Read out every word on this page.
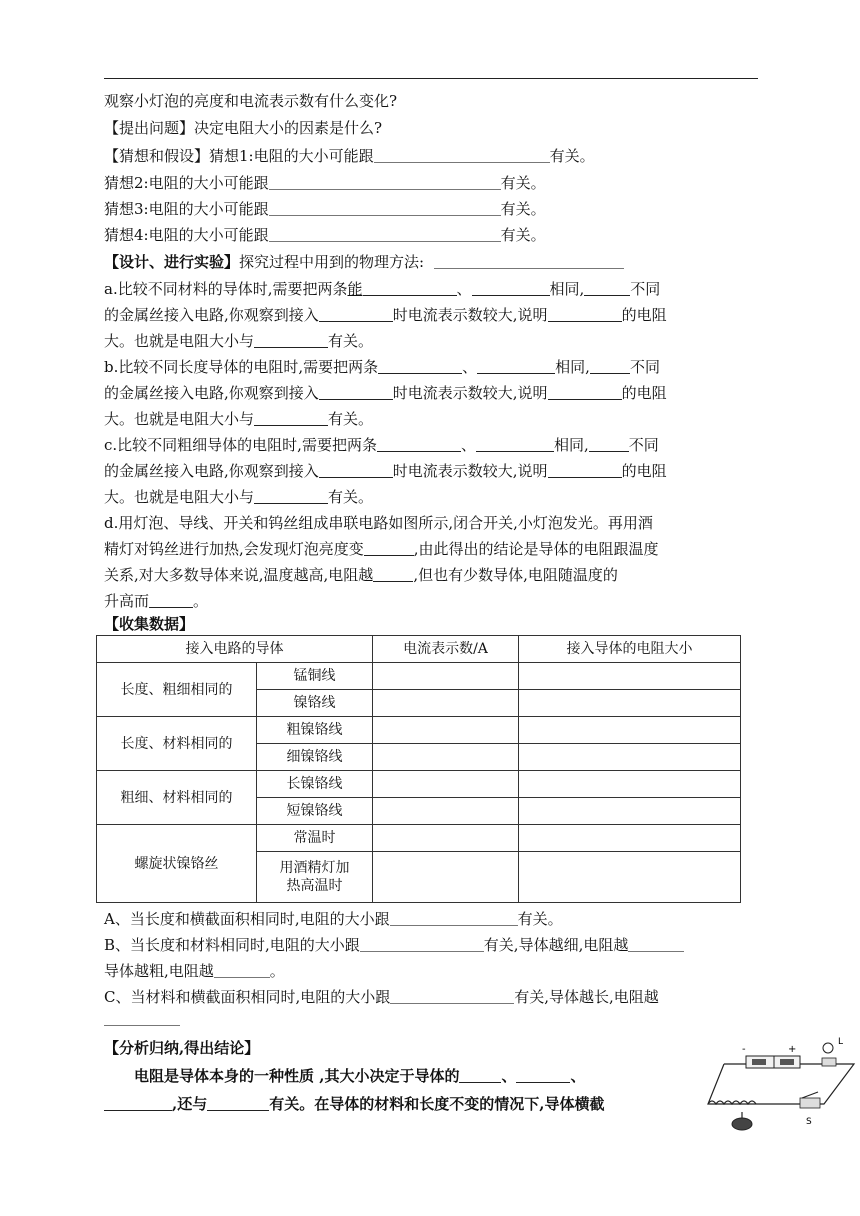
观察小灯泡的亮度和电流表示数有什么变化?
【提出问题】决定电阻大小的因素是什么?
【猜想和假设】猜想1:电阻的大小可能跟	有关。
猜想2:电阻的大小可能跟	有关。
猜想3:电阻的大小可能跟	有关。
猜想4:电阻的大小可能跟	有关。
【设计、进行实验】探究过程中用到的物理方法:
a.比较不同材料的导体时,需要把两条能	、	相同,	不同
的金属丝接入电路,你观察到接入	时电流表示数较大,说明	的电阻
大。也就是电阻大小与	有关。
b.比较不同长度导体的电阻时,需要把两条	、	相同,	不同
的金属丝接入电路,你观察到接入	时电流表示数较大,说明	的电阻
大。也就是电阻大小与	有关。
c.比较不同粗细导体的电阻时,需要把两条	、	相同,	不同
的金属丝接入电路,你观察到接入	时电流表示数较大,说明	的电阻
大。也就是电阻大小与	有关。
d.用灯泡、导线、开关和钨丝组成串联电路如图所示,闭合开关,小灯泡发光。再用酒
精灯对钨丝进行加热,会发现灯泡亮度变	,由此得出的结论是导体的电阻跟温度
关系,对大多数导体来说,温度越高,电阻越	,但也有少数导体,电阻随温度的
升高而	。
【收集数据】
接入电路的导体		电流表示数/A	接入导体的电阻大小
长度、粗细相同的	锰铜线		
	镍铬线		
长度、材料相同的	粗镍铬线		
	细镍铬线		
粗细、材料相同的	长镍铬线		
	短镍铬线		
螺旋状镍铬丝	常温时		
	用酒精灯加
热高温时		
A、当长度和横截面积相同时,电阻的大小跟	有关。
B、当长度和材料相同时,电阻的大小跟	有关,导体越细,电阻越
导体越粗,电阻越	。
C、当材料和横截面积相同时,电阻的大小跟	有关,导体越长,电阻越
【分析归纳,得出结论】
电阻是导体本身的一种性质 ,其大小决定于导体的	、	、
,还与	有关。在导体的材料和长度不变的情况下,导体横截
-	+
L
S
